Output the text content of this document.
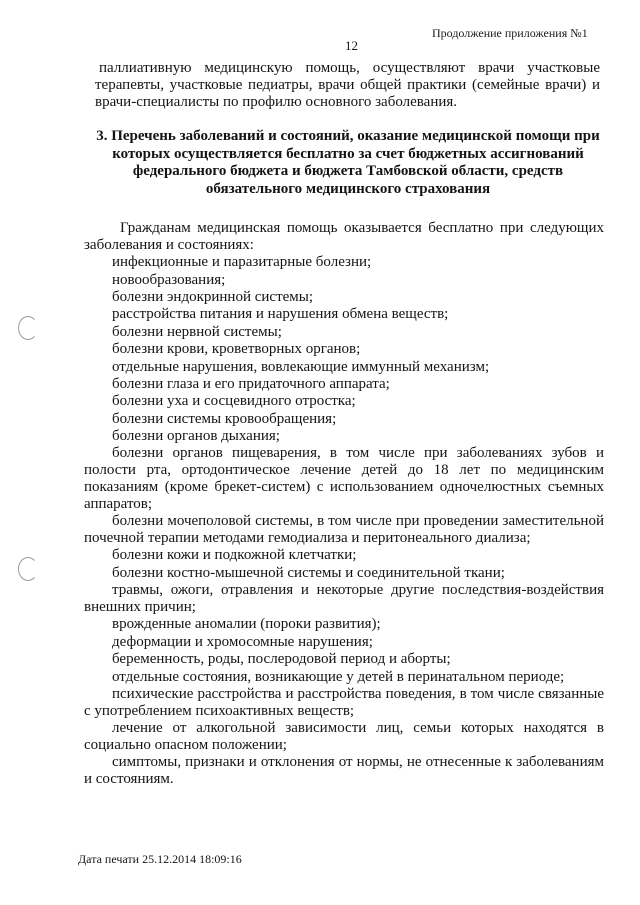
Продолжение приложения №1
12

паллиативную медицинскую помощь, осуществляют врачи участковые терапевты, участковые педиатры, врачи общей практики (семейные врачи) и врачи-специалисты по профилю основного заболевания.

3. Перечень заболеваний и состояний, оказание медицинской помощи при которых осуществляется бесплатно за счет бюджетных ассигнований федерального бюджета и бюджета Тамбовской области, средств обязательного медицинского страхования

Гражданам медицинская помощь оказывается бесплатно при следующих заболевания и состояниях:

инфекционные и паразитарные болезни;

новообразования;

болезни эндокринной системы;

расстройства питания и нарушения обмена веществ;

болезни нервной системы;

болезни крови, кроветворных органов;

отдельные нарушения, вовлекающие иммунный механизм;

болезни глаза и его придаточного аппарата;

болезни уха и сосцевидного отростка;

болезни системы кровообращения;

болезни органов дыхания;

болезни органов пищеварения, в том числе при заболеваниях зубов и полости рта, ортодонтическое лечение детей до 18 лет по медицинским показаниям (кроме брекет-систем) с использованием одночелюстных съемных аппаратов;

болезни мочеполовой системы, в том числе при проведении заместительной почечной терапии методами гемодиализа и перитонеального диализа;

болезни кожи и подкожной клетчатки;

болезни костно-мышечной системы и соединительной ткани;

травмы, ожоги, отравления и некоторые другие последствия-воздействия внешних причин;

врожденные аномалии (пороки развития);

деформации и хромосомные нарушения;

беременность, роды, послеродовой период и аборты;

отдельные состояния, возникающие у детей в перинатальном периоде;

психические расстройства и расстройства поведения, в том числе связанные с употреблением психоактивных веществ;

лечение от алкогольной зависимости лиц, семьи которых находятся в социально опасном положении;

симптомы, признаки и отклонения от нормы, не отнесенные к заболеваниям и состояниям.

Дата печати 25.12.2014 18:09:16
